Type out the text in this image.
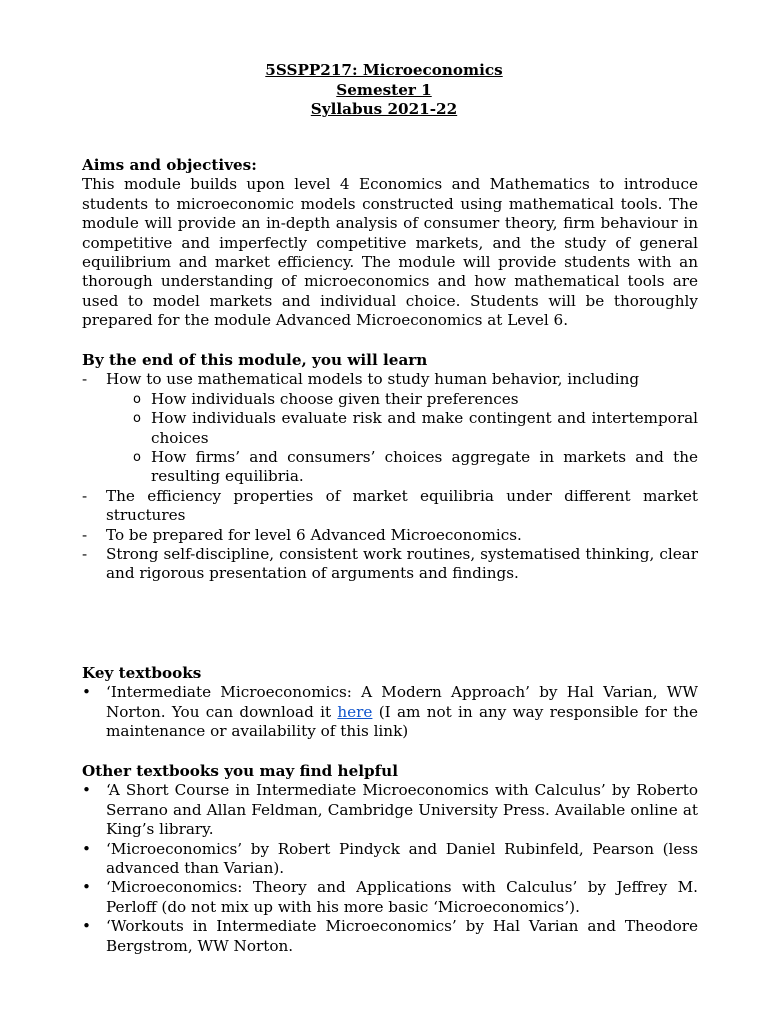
5SSPP217: Microeconomics
Semester 1
Syllabus 2021-22
Aims and objectives:

This module builds upon level 4 Economics and Mathematics to introduce students to microeconomic models constructed using mathematical tools. The module will provide an in-depth analysis of consumer theory, firm behaviour in competitive and imperfectly competitive markets, and the study of general equilibrium and market efficiency. The module will provide students with an thorough understanding of microeconomics and how mathematical tools are used to model markets and individual choice. Students will be thoroughly prepared for the module Advanced Microeconomics at Level 6.

By the end of this module, you will learn
- How to use mathematical models to study human behavior, including
o How individuals choose given their preferences
o How individuals evaluate risk and make contingent and intertemporal choices
o How firms’ and consumers’ choices aggregate in markets and the resulting equilibria.
- The efficiency properties of market equilibria under different market structures
- To be prepared for level 6 Advanced Microeconomics.
- Strong self-discipline, consistent work routines, systematised thinking, clear and rigorous presentation of arguments and findings.
Key textbooks
• ‘Intermediate Microeconomics: A Modern Approach’ by Hal Varian, WW Norton. You can download it here (I am not in any way responsible for the maintenance or availability of this link)
Other textbooks you may find helpful
• ‘A Short Course in Intermediate Microeconomics with Calculus’ by Roberto Serrano and Allan Feldman, Cambridge University Press. Available online at King’s library.
• ‘Microeconomics’ by Robert Pindyck and Daniel Rubinfeld, Pearson (less advanced than Varian).
• ‘Microeconomics: Theory and Applications with Calculus’ by Jeffrey M. Perloff (do not mix up with his more basic ‘Microeconomics’).
• ‘Workouts in Intermediate Microeconomics’ by Hal Varian and Theodore Bergstrom, WW Norton.
